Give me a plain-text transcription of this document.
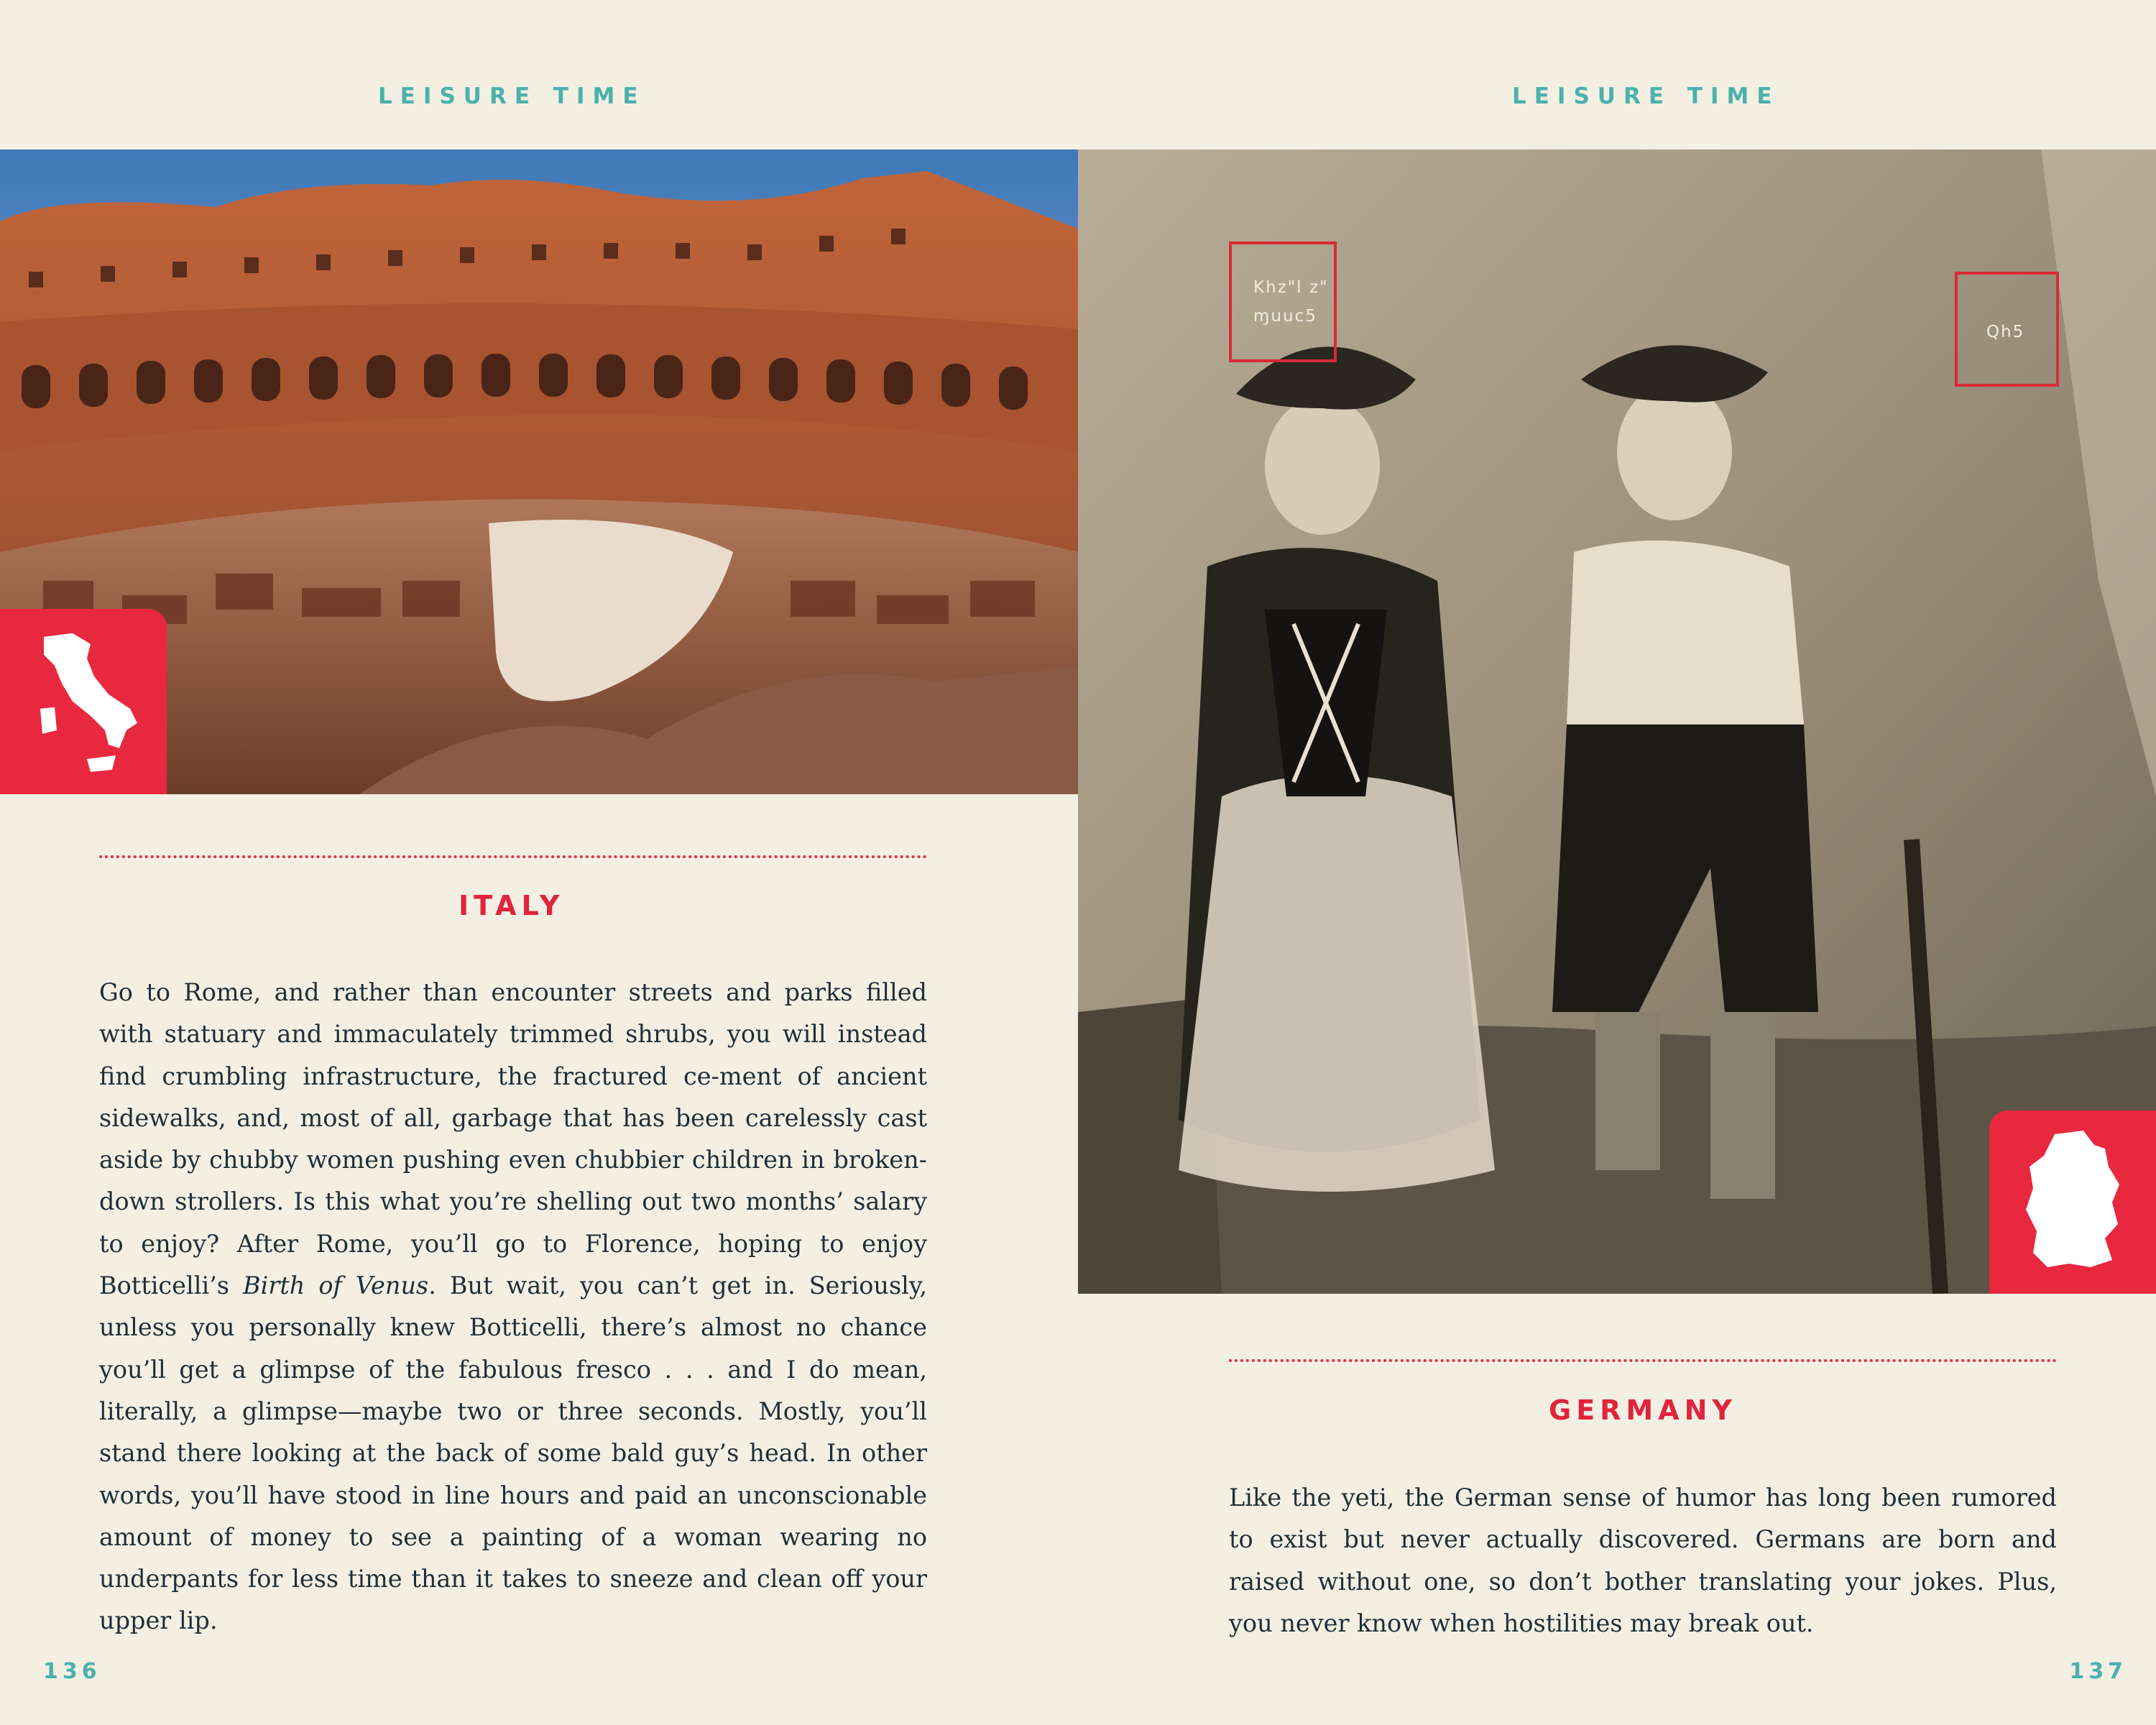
LEISURE TIME
ITALY

Go to Rome, and rather than encounter streets and parks filled with statuary and immaculately trimmed shrubs, you will instead find crumbling infrastructure, the fractured ce-ment of ancient sidewalks, and, most of all, garbage that has been carelessly cast aside by chubby women pushing even chubbier children in broken-down strollers. Is this what you’re shelling out two months’ salary to enjoy? After Rome, you’ll go to Florence, hoping to enjoy Botticelli’s Birth of Venus. But wait, you can’t get in. Seriously, unless you personally knew Botticelli, there’s almost no chance you’ll get a glimpse of the fabulous fresco . . . and I do mean, literally, a glimpse—maybe two or three seconds. Mostly, you’ll stand there looking at the back of some bald guy’s head. In other words, you’ll have stood in line hours and paid an unconscionable amount of money to see a painting of a woman wearing no underpants for less time than it takes to sneeze and clean off your upper lip.

136
LEISURE TIME
Khz"l z"
ɱuuc5
Qh5
GERMANY

Like the yeti, the German sense of humor has long been rumored to exist but never actually discovered. Germans are born and raised without one, so don’t bother translating your jokes. Plus, you never know when hostilities may break out.

137
